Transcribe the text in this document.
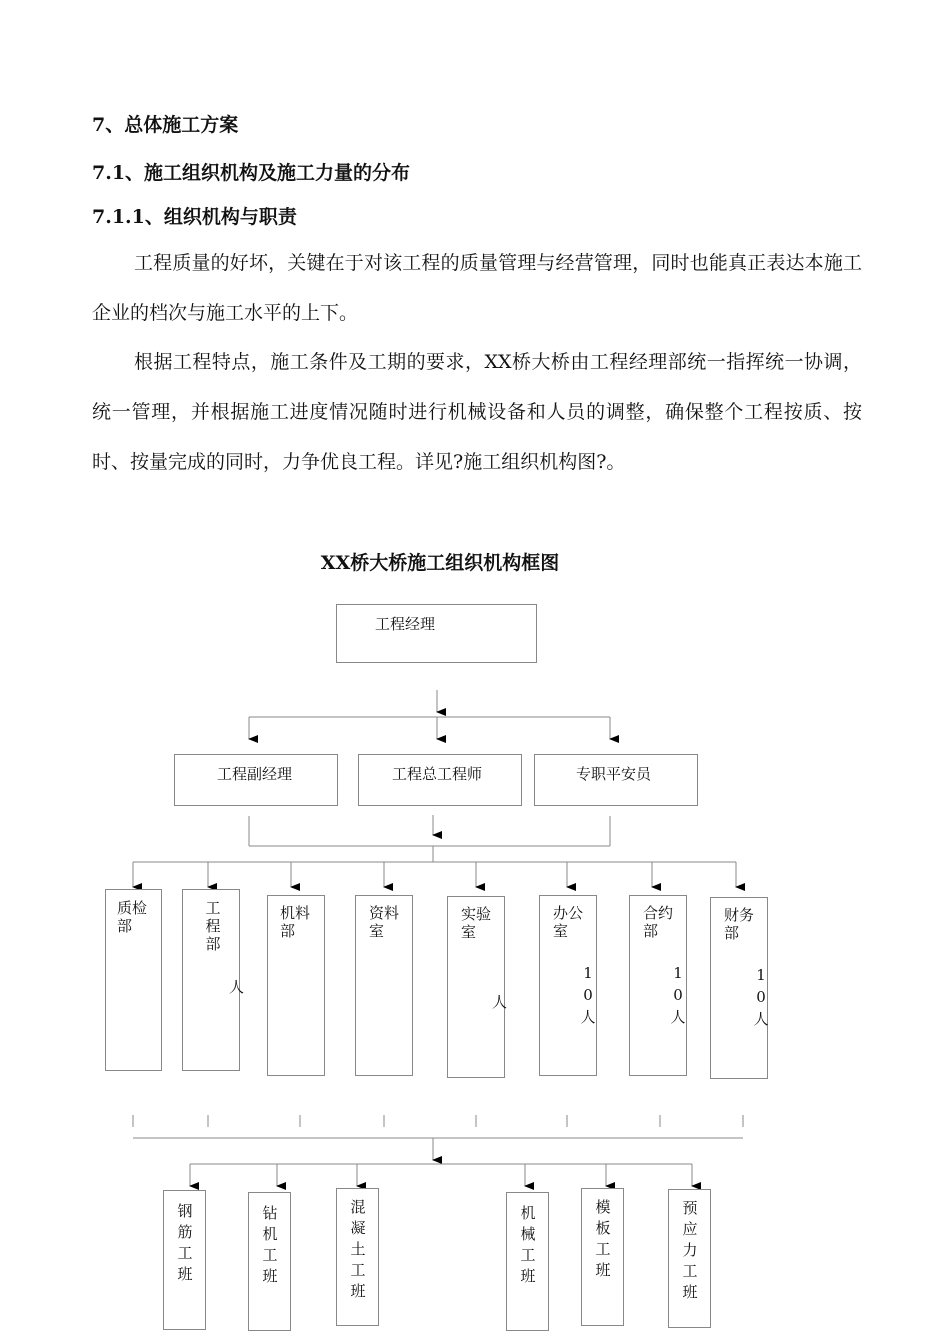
7、总体施工方案
7.1、施工组织机构及施工力量的分布
7.1.1、组织机构与职责
工程质量的好坏，关键在于对该工程的质量管理与经营管理，同时也能真正表达本施工企业的档次与施工水平的上下。
根据工程特点，施工条件及工期的要求，XX桥大桥由工程经理部统一指挥统一协调，统一管理，并根据施工进度情况随时进行机械设备和人员的调整，确保整个工程按质、按时、按量完成的同时，力争优良工程。详见?施工组织机构图?。
XX桥大桥施工组织机构框图
工程经理
工程副经理	工程总工程师	专职平安员
质检部
工程部
人
机料部
资料室
实验室
人
办公室
10人
合约部
10人
财务部
10人
钢筋工班
钻机工班
混凝土工班
机械工班
模板工班
预应力工班
